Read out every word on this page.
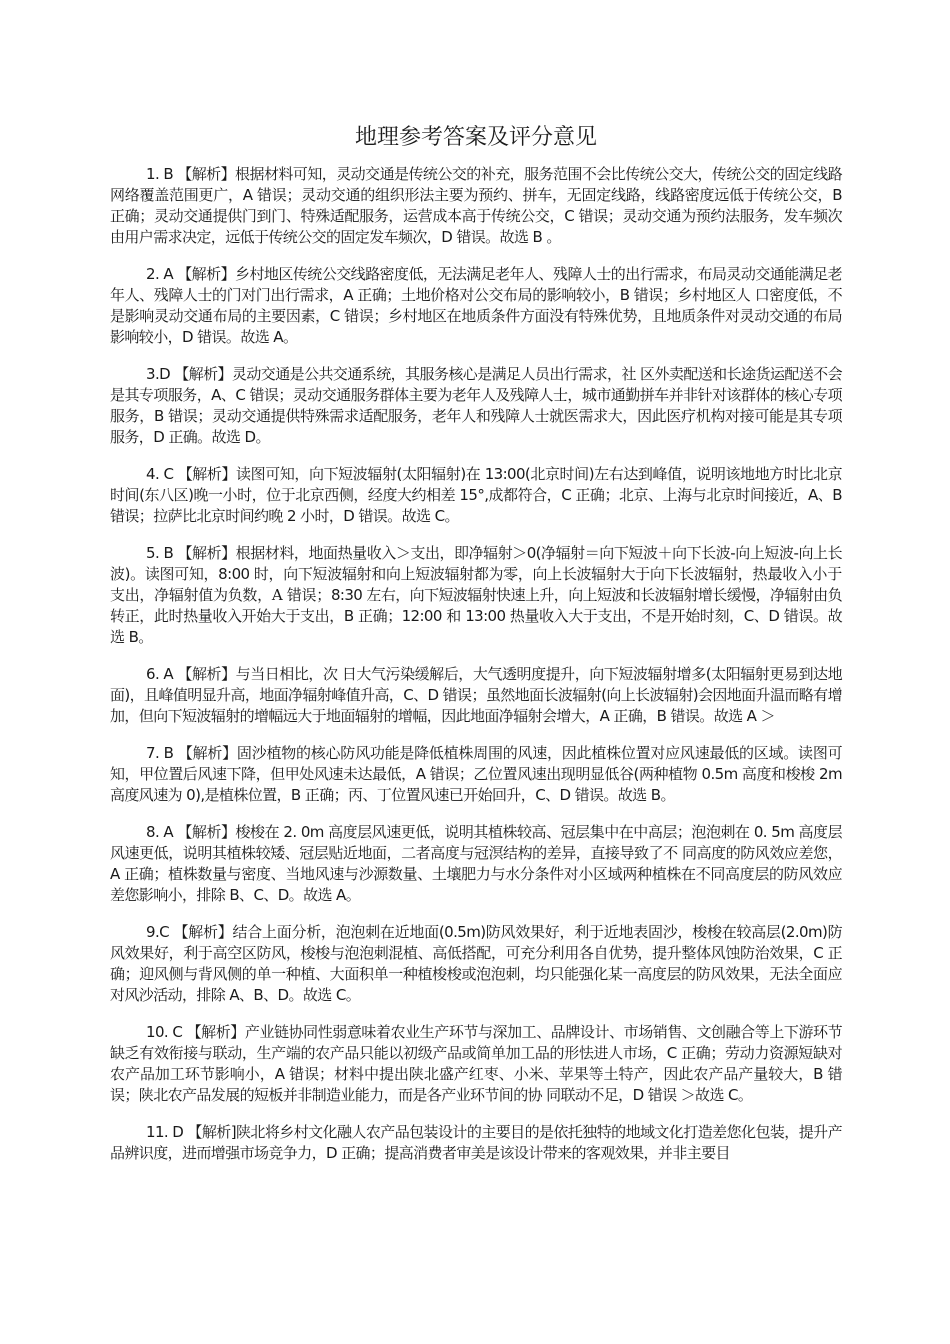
地理参考答案及评分意见

1. B 【解析】根据材料可知，灵动交通是传统公交的补充，服务范围不会比传统公交大，传统公交的固定线路网络覆盖范围更广，A 错误；灵动交通的组织形法主要为预约、拼车，无固定线路，线路密度远低于传统公交，B 正确；灵动交通提供门到门、特殊适配服务，运营成本高于传统公交，C 错误；灵动交通为预约法服务，发车频次由用户需求决定，远低于传统公交的固定发车频次，D 错误。故选 B 。

2. A 【解析】乡村地区传统公交线路密度低，无法满足老年人、残障人士的出行需求，布局灵动交通能满足老年人、残障人士的门对门出行需求，A 正确；土地价格对公交布局的影响较小，B 错误；乡村地区人 口密度低，不是影响灵动交通布局的主要因素，C 错误；乡村地区在地质条件方面没有特殊优势，且地质条件对灵动交通的布局影响较小，D 错误。故选 A。

3.D 【解析】灵动交通是公共交通系统，其服务核心是满足人员出行需求，社 区外卖配送和长途货运配送不会是其专项服务，A、C 错误；灵动交通服务群体主要为老年人及残障人士，城市通勤拼车并非针对该群体的核心专项服务，B 错误；灵动交通提供特殊需求适配服务，老年人和残障人士就医需求大，因此医疗机构对接可能是其专项服务，D 正确。故选 D。

4. C 【解析】读图可知，向下短波辐射(太阳辐射)在 13:00(北京时间)左右达到峰值，说明该地地方时比北京时间(东八区)晚一小时，位于北京西侧，经度大约相差 15°,成都符合，C 正确；北京、上海与北京时间接近，A、B 错误；拉萨比北京时间约晚 2 小时，D 错误。故选 C。

5. B 【解析】根据材料，地面热量收入＞支出，即净辐射＞0(净辐射＝向下短波＋向下长波-向上短波-向上长波)。读图可知，8:00 时，向下短波辐射和向上短波辐射都为零，向上长波辐射大于向下长波辐射，热最收入小于支出，净辐射值为负数，A 错误；8:30 左右，向下短波辐射快速上升，向上短波和长波辐射增长缓慢，净辐射由负转正，此时热量收入开始大于支出，B 正确；12:00 和 13:00 热量收入大于支出，不是开始时刻，C、D 错误。故选 B。

6. A 【解析】与当日相比，次 日大气污染缓解后，大气透明度提升，向下短波辐射增多(太阳辐射更易到达地面)，且峰值明显升高，地面净辐射峰值升高，C、D 错误；虽然地面长波辐射(向上长波辐射)会因地面升温而略有增加，但向下短波辐射的增幅远大于地面辐射的增幅，因此地面净辐射会增大，A 正确，B 错误。故选 A ＞

7. B 【解析】固沙植物的核心防风功能是降低植株周围的风速，因此植株位置对应风速最低的区域。读图可知，甲位置后风速下降，但甲处风速未达最低，A 错误；乙位置风速出现明显低谷(两种植物 0.5m 高度和梭梭 2m 高度风速为 0),是植株位置，B 正确；丙、丁位置风速已开始回升，C、D 错误。故选 B。

8. A 【解析】梭梭在 2. 0m 高度层风速更低，说明其植株较高、冠层集中在中高层；泡泡刺在 0. 5m 高度层风速更低，说明其植株较矮、冠层贴近地面，二者高度与冠溟结构的差异，直接导致了不 同高度的防风效应差您，A 正确；植株数量与密度、当地风速与沙源数量、土壤肥力与水分条件对小区域两种植株在不同高度层的防风效应差您影响小，排除 B、C、D。故选 A。

9.C 【解析】结合上面分析，泡泡刺在近地面(0.5m)防风效果好，利于近地表固沙，梭梭在较高层(2.0m)防风效果好，利于高空区防风，梭梭与泡泡刺混植、高低搭配，可充分利用各自优势，提升整体风蚀防治效果，C 正确；迎风侧与背风侧的单一种植、大面积单一种植梭梭或泡泡刺，均只能强化某一高度层的防风效果，无法全面应对风沙活动，排除 A、B、D。故选 C。

10. C 【解析】产业链协同性弱意味着农业生产环节与深加工、品牌设计、市场销售、文创融合等上下游环节缺乏有效衔接与联动，生产端的农产品只能以初级产品或简单加工品的形怯进人市场，C 正确；劳动力资源短缺对农产品加工环节影响小，A 错误；材料中提出陕北盛产红枣、小米、苹果等土特产，因此农产品产量较大，B 错误；陕北农产品发展的短板并非制造业能力，而是各产业环节间的协 同联动不足，D 错误 ＞故选 C。

11. D 【解析]陕北将乡村文化融人农产品包装设计的主要目的是依托独特的地域文化打造差您化包装，提升产品辨识度，进而增强市场竞争力，D 正确；提高消费者审美是该设计带来的客观效果，并非主要目
